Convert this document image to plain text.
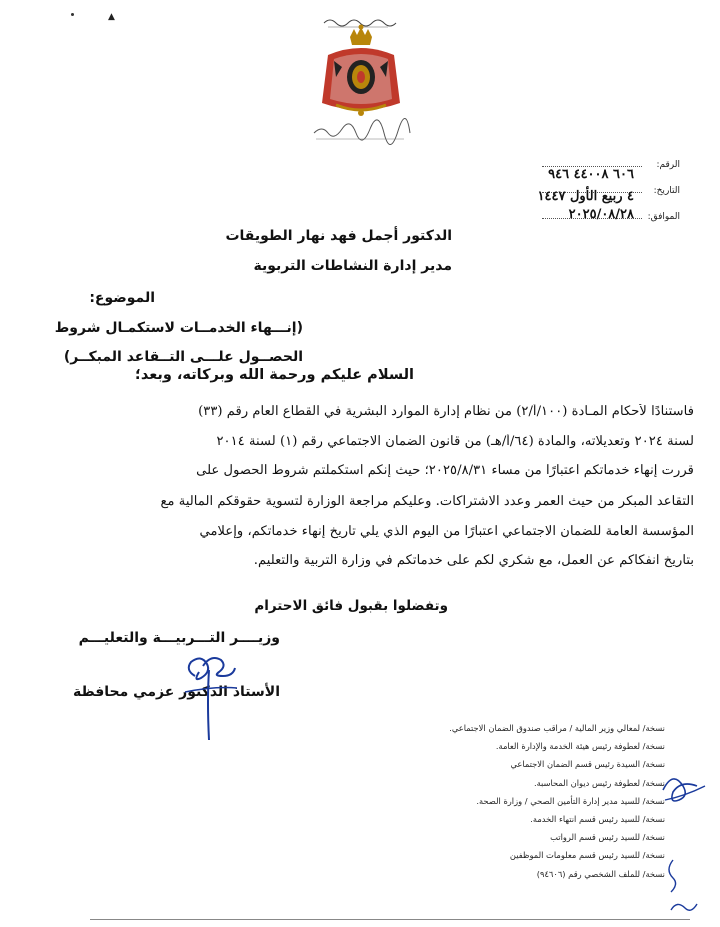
▲
الرقم:
٦٠٦ ٤٤٠٠٨ ٩٤٦
التاريخ:
٤ ربيع الأول ١٤٤٧
الموافق:
٢٠٢٥/٠٨/٢٨
الدكتور أجمل فهد نهار الطويقات
مدير إدارة النشاطات التربوية
الموضوع:
(إنـــهاء الخدمــات لاستكمـال شروط
الحصــول علـــى التــقاعد المبكــر)
السلام عليكم ورحمة الله وبركاته، وبعد؛
فاستنادًا لأحكام المـادة (١٠٠/أ/٢) من نظام إدارة الموارد البشرية في القطاع العام رقم (٣٣)
لسنة ٢٠٢٤ وتعديلاته، والمادة (٦٤/أ/هـ) من قانون الضمان الاجتماعي رقم (١) لسنة ٢٠١٤
قررت إنهاء خدماتكم اعتبارًا من مساء ٢٠٢٥/٨/٣١؛ حيث إنكم استكملتم شروط الحصول على
التقاعد المبكر من حيث العمر وعدد الاشتراكات. وعليكم مراجعة الوزارة لتسوية حقوقكم المالية مع
المؤسسة العامة للضمان الاجتماعي اعتبارًا من اليوم الذي يلي تاريخ إنهاء خدماتكم، وإعلامي
بتاريخ انفكاكم عن العمل، مع شكري لكم على خدماتكم في وزارة التربية والتعليم.
وتفضلوا بقبول فائق الاحترام
وزيــــر التـــربيـــة والتعليـــم
الأستاذ الدكتور عزمي محافظة
نسخة/ لمعالي وزير المالية / مراقب صندوق الضمان الاجتماعي.
نسخة/ لعطوفة رئيس هيئة الخدمة والإدارة العامة.
نسخة/ السيدة رئيس قسم الضمان الاجتماعي
نسخة/ لعطوفة رئيس ديوان المحاسبة.
نسخة/ للسيد مدير إدارة التأمين الصحي / وزارة الصحة.
نسخة/ للسيد رئيس قسم انتهاء الخدمة.
نسخة/ للسيد رئيس قسم الرواتب
نسخة/ للسيد رئيس قسم معلومات الموظفين
نسخة/ للملف الشخصي رقم (٩٤٦٠٦)
